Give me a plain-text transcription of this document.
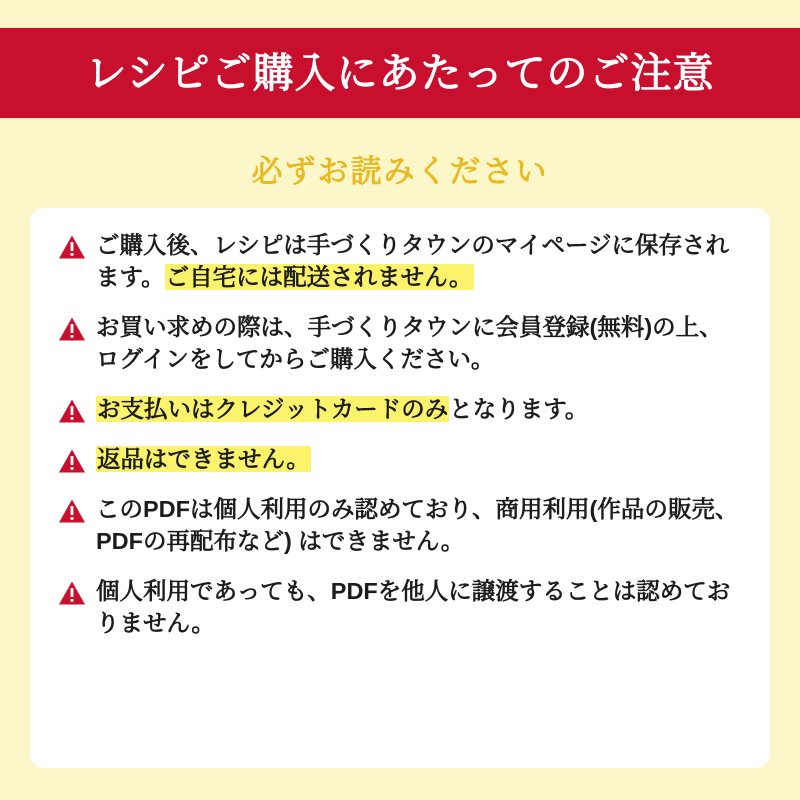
レシピご購入にあたってのご注意
必ずお読みください
ご購入後、レシピは手づくりタウンのマイページに保存されます。ご自宅には配送されません。
お買い求めの際は、手づくりタウンに会員登録(無料)の上、ログインをしてからご購入ください。
お支払いはクレジットカードのみとなります。
返品はできません。
このPDFは個人利用のみ認めており、商用利用(作品の販売、PDFの再配布など) はできません。
個人利用であっても、PDFを他人に譲渡することは認めておりません。
